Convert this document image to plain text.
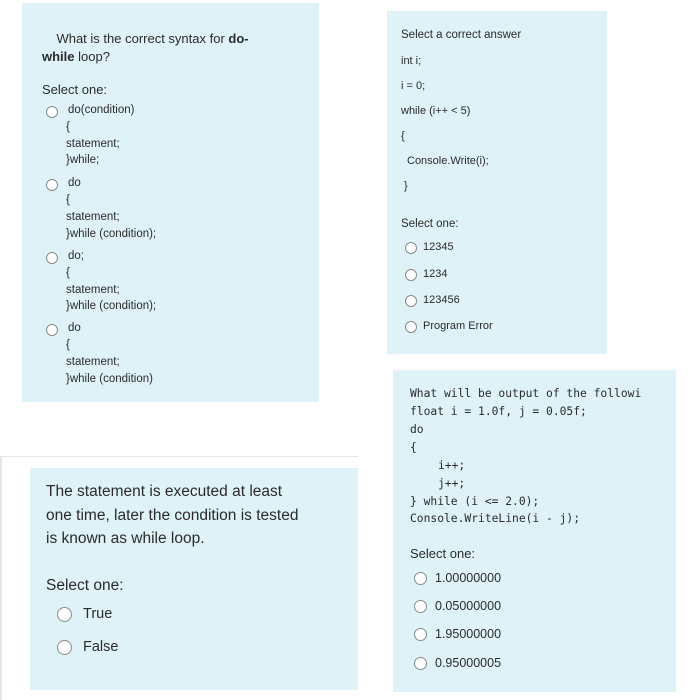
What is the correct syntax for do-
while loop?

Select one:
do(condition)
{
statement;
}while;
do
{
statement;
}while (condition);
do;
{
statement;
}while (condition);
do
{
statement;
}while (condition)
Select a correct answer
int i;
i = 0;
while (i++ < 5)
{
Console.Write(i);
}
Select one:
12345
1234
123456
Program Error
The statement is executed at least
one time, later the condition is tested
is known as while loop.
Select one:
True
False
What will be output of the followi
float i = 1.0f, j = 0.05f;
do
{
i++;
j++;
} while (i <= 2.0);
Console.WriteLine(i - j);
Select one:
1.00000000
0.05000000
1.95000000
0.95000005
